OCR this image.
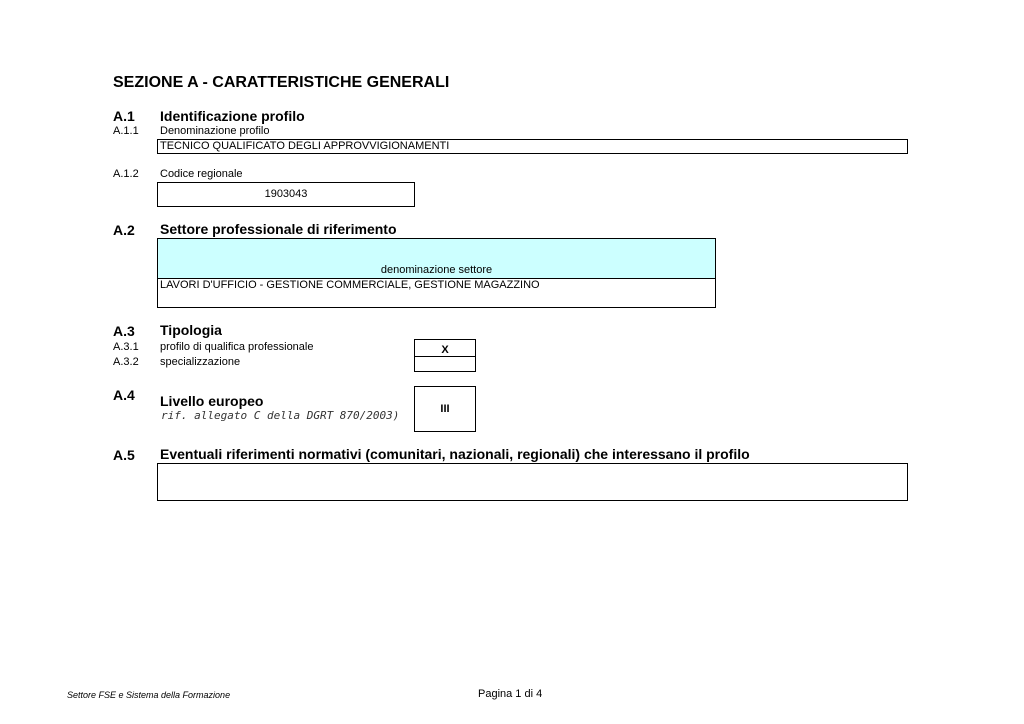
SEZIONE A - CARATTERISTICHE GENERALI
A.1 Identificazione profilo
A.1.1 Denominazione profilo
TECNICO QUALIFICATO DEGLI APPROVVIGIONAMENTI
A.1.2 Codice regionale
1903043
A.2 Settore professionale di riferimento
denominazione settore
LAVORI D'UFFICIO - GESTIONE COMMERCIALE, GESTIONE MAGAZZINO
A.3 Tipologia
A.3.1 profilo di qualifica professionale	X
A.3.2 specializzazione
A.4 Livello europeo
rif. allegato C della DGRT 870/2003)	III
A.5 Eventuali riferimenti normativi (comunitari, nazionali, regionali) che interessano il profilo
Settore FSE e Sistema della Formazione	Pagina 1 di 4
